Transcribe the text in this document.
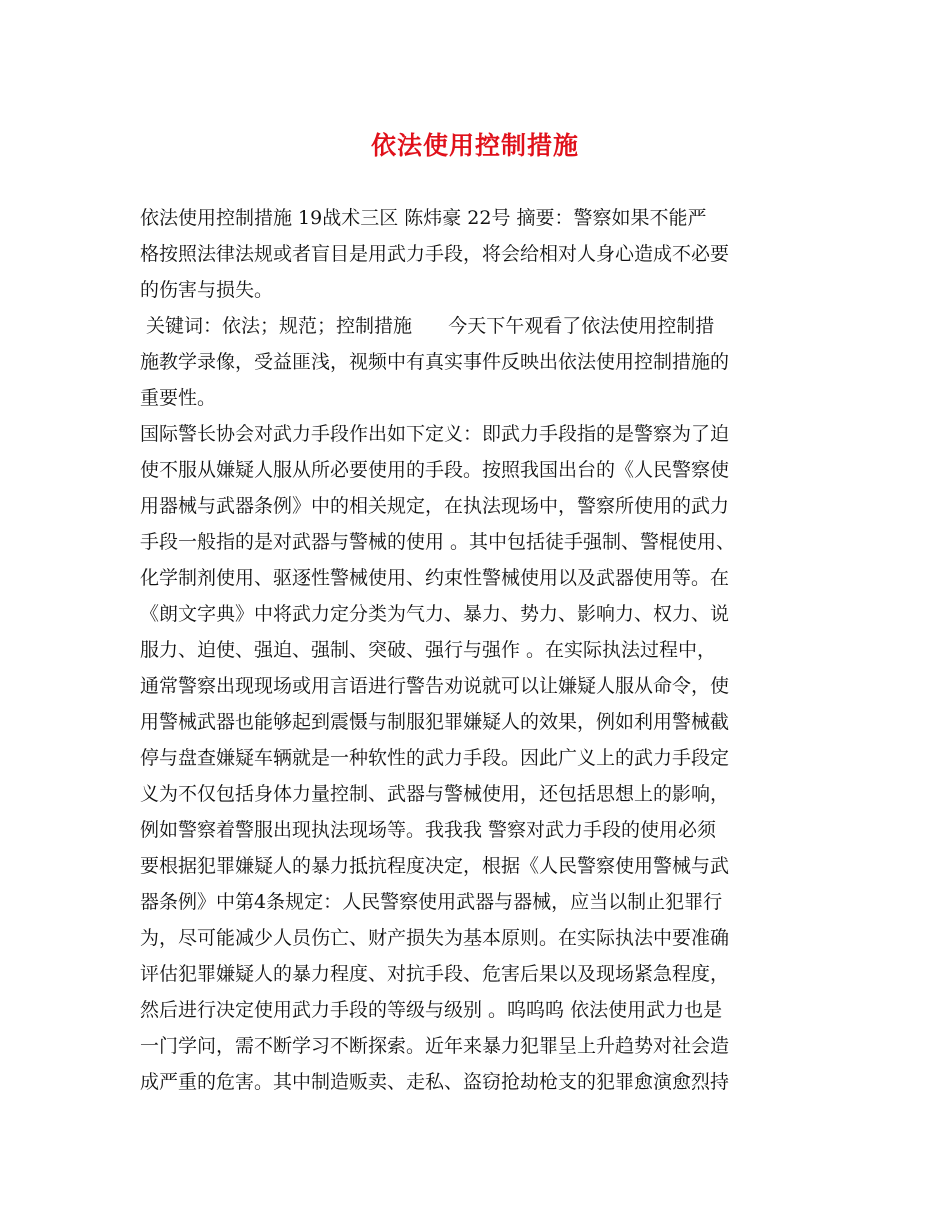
依法使用控制措施
依法使用控制措施 19战术三区 陈炜豪 22号 摘要：警察如果不能严
格按照法律法规或者盲目是用武力手段，将会给相对人身心造成不必要
的伤害与损失。
关键词：依法；规范；控制措施      今天下午观看了依法使用控制措
施教学录像，受益匪浅，视频中有真实事件反映出依法使用控制措施的
重要性。
国际警长协会对武力手段作出如下定义：即武力手段指的是警察为了迫
使不服从嫌疑人服从所必要使用的手段。按照我国出台的《人民警察使
用器械与武器条例》中的相关规定，在执法现场中，警察所使用的武力
手段一般指的是对武器与警械的使用 。其中包括徒手强制、警棍使用、
化学制剂使用、驱逐性警械使用、约束性警械使用以及武器使用等。在
《朗文字典》中将武力定分类为气力、暴力、势力、影响力、权力、说
服力、迫使、强迫、强制、突破、强行与强作 。在实际执法过程中，
通常警察出现现场或用言语进行警告劝说就可以让嫌疑人服从命令，使
用警械武器也能够起到震慑与制服犯罪嫌疑人的效果，例如利用警械截
停与盘查嫌疑车辆就是一种软性的武力手段。因此广义上的武力手段定
义为不仅包括身体力量控制、武器与警械使用，还包括思想上的影响，
例如警察着警服出现执法现场等。我我我 警察对武力手段的使用必须
要根据犯罪嫌疑人的暴力抵抗程度决定，根据《人民警察使用警械与武
器条例》中第4条规定：人民警察使用武器与器械，应当以制止犯罪行
为，尽可能减少人员伤亡、财产损失为基本原则。在实际执法中要准确
评估犯罪嫌疑人的暴力程度、对抗手段、危害后果以及现场紧急程度，
然后进行决定使用武力手段的等级与级别 。呜呜呜 依法使用武力也是
一门学问，需不断学习不断探索。近年来暴力犯罪呈上升趋势对社会造
成严重的危害。其中制造贩卖、走私、盗窃抢劫枪支的犯罪愈演愈烈持
